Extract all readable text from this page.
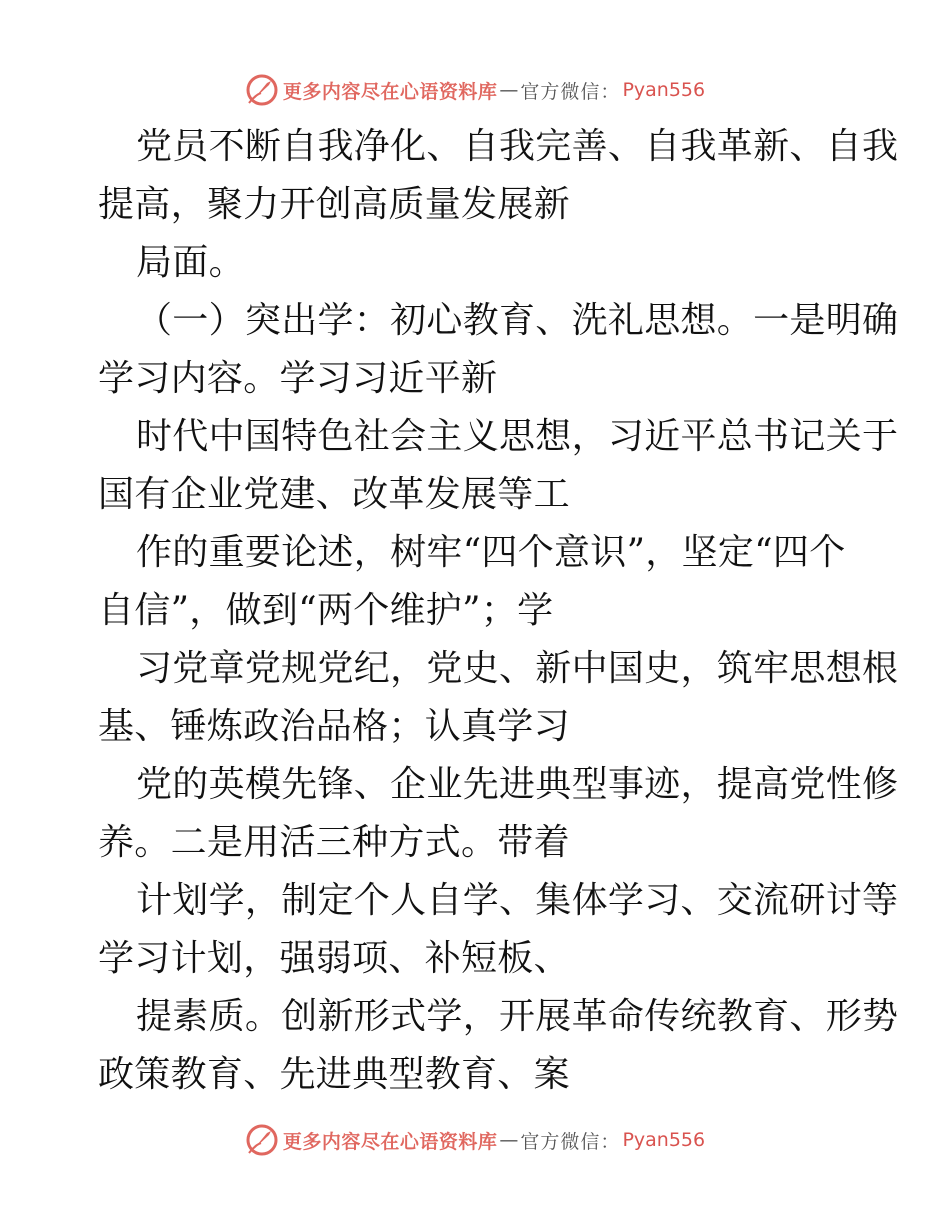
更多内容尽在心语资料库 — 官方微信： Pyan556
党员不断自我净化、自我完善、自我革新、自我
提高，聚力开创高质量发展新
局面。
（一）突出学：初心教育、洗礼思想。一是明确
学习内容。学习习近平新
时代中国特色社会主义思想，习近平总书记关于
国有企业党建、改革发展等工
作的重要论述，树牢“四个意识”，坚定“四个
自信”，做到“两个维护”；学
习党章党规党纪，党史、新中国史，筑牢思想根
基、锤炼政治品格；认真学习
党的英模先锋、企业先进典型事迹，提高党性修
养。二是用活三种方式。带着
计划学，制定个人自学、集体学习、交流研讨等
学习计划，强弱项、补短板、
提素质。创新形式学，开展革命传统教育、形势
政策教育、先进典型教育、案
更多内容尽在心语资料库 — 官方微信： Pyan556
